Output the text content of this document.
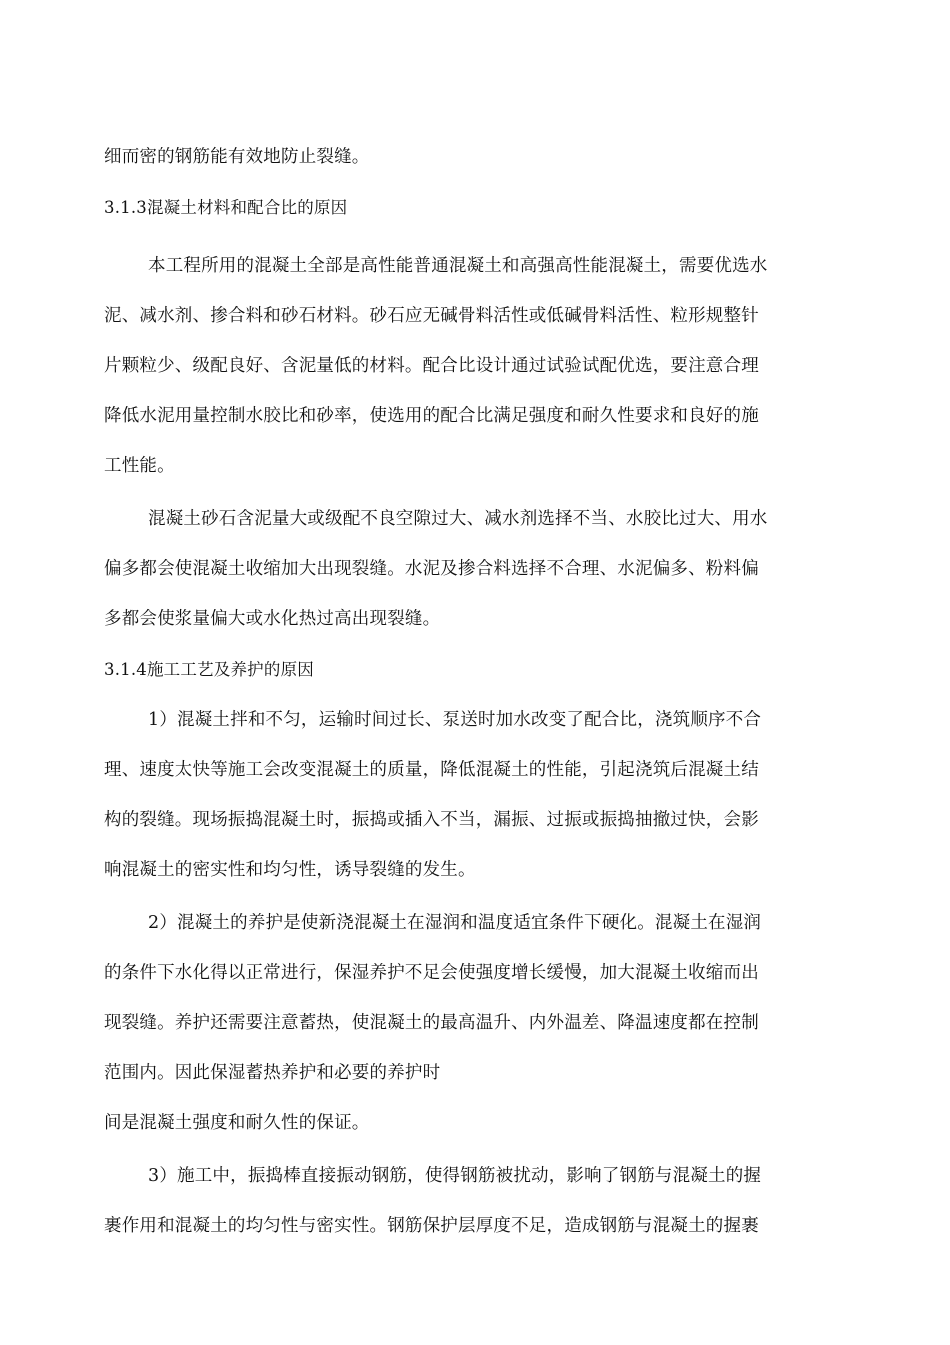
细而密的钢筋能有效地防止裂缝。
3.1.3混凝土材料和配合比的原因
本工程所用的混凝土全部是高性能普通混凝土和高强高性能混凝土，需要优选水
泥、减水剂、掺合料和砂石材料。砂石应无碱骨料活性或低碱骨料活性、粒形规整针
片颗粒少、级配良好、含泥量低的材料。配合比设计通过试验试配优选，要注意合理
降低水泥用量控制水胶比和砂率，使选用的配合比满足强度和耐久性要求和良好的施
工性能。
混凝土砂石含泥量大或级配不良空隙过大、减水剂选择不当、水胶比过大、用水
偏多都会使混凝土收缩加大出现裂缝。水泥及掺合料选择不合理、水泥偏多、粉料偏
多都会使浆量偏大或水化热过高出现裂缝。
3.1.4施工工艺及养护的原因
1）混凝土拌和不匀，运输时间过长、泵送时加水改变了配合比，浇筑顺序不合
理、速度太快等施工会改变混凝土的质量，降低混凝土的性能，引起浇筑后混凝土结
构的裂缝。现场振捣混凝土时，振捣或插入不当，漏振、过振或振捣抽撤过快，会影
响混凝土的密实性和均匀性，诱导裂缝的发生。
2）混凝土的养护是使新浇混凝土在湿润和温度适宜条件下硬化。混凝土在湿润
的条件下水化得以正常进行，保湿养护不足会使强度增长缓慢，加大混凝土收缩而出
现裂缝。养护还需要注意蓄热，使混凝土的最高温升、内外温差、降温速度都在控制
范围内。因此保湿蓄热养护和必要的养护时
间是混凝土强度和耐久性的保证。
3）施工中，振捣棒直接振动钢筋，使得钢筋被扰动，影响了钢筋与混凝土的握
裹作用和混凝土的均匀性与密实性。钢筋保护层厚度不足，造成钢筋与混凝土的握裹
